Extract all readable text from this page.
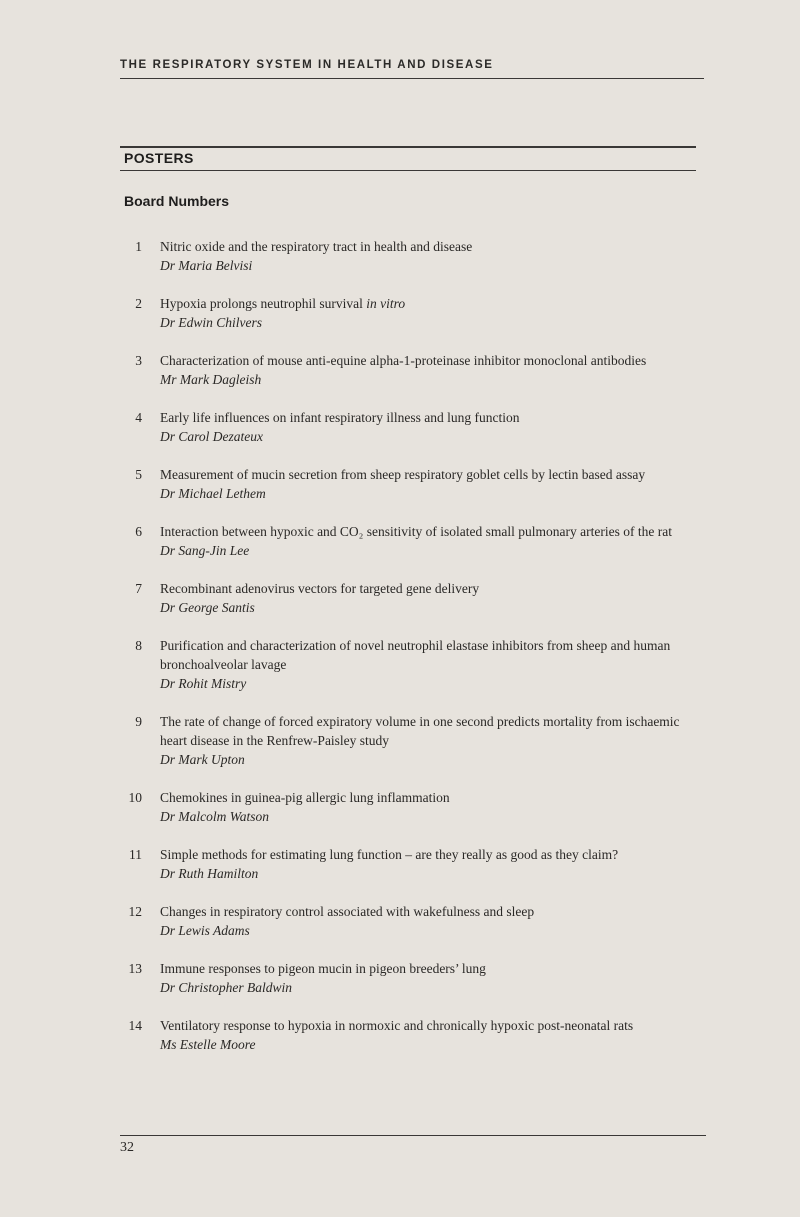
THE RESPIRATORY SYSTEM IN HEALTH AND DISEASE
POSTERS
Board Numbers
1	Nitric oxide and the respiratory tract in health and disease
Dr Maria Belvisi
2	Hypoxia prolongs neutrophil survival in vitro
Dr Edwin Chilvers
3	Characterization of mouse anti-equine alpha-1-proteinase inhibitor monoclonal antibodies
Mr Mark Dagleish
4	Early life influences on infant respiratory illness and lung function
Dr Carol Dezateux
5	Measurement of mucin secretion from sheep respiratory goblet cells by lectin based assay
Dr Michael Lethem
6	Interaction between hypoxic and CO₂ sensitivity of isolated small pulmonary arteries of the rat
Dr Sang-Jin Lee
7	Recombinant adenovirus vectors for targeted gene delivery
Dr George Santis
8	Purification and characterization of novel neutrophil elastase inhibitors from sheep and human bronchoalveolar lavage
Dr Rohit Mistry
9	The rate of change of forced expiratory volume in one second predicts mortality from ischaemic heart disease in the Renfrew-Paisley study
Dr Mark Upton
10	Chemokines in guinea-pig allergic lung inflammation
Dr Malcolm Watson
11	Simple methods for estimating lung function – are they really as good as they claim?
Dr Ruth Hamilton
12	Changes in respiratory control associated with wakefulness and sleep
Dr Lewis Adams
13	Immune responses to pigeon mucin in pigeon breeders’ lung
Dr Christopher Baldwin
14	Ventilatory response to hypoxia in normoxic and chronically hypoxic post-neonatal rats
Ms Estelle Moore
32
